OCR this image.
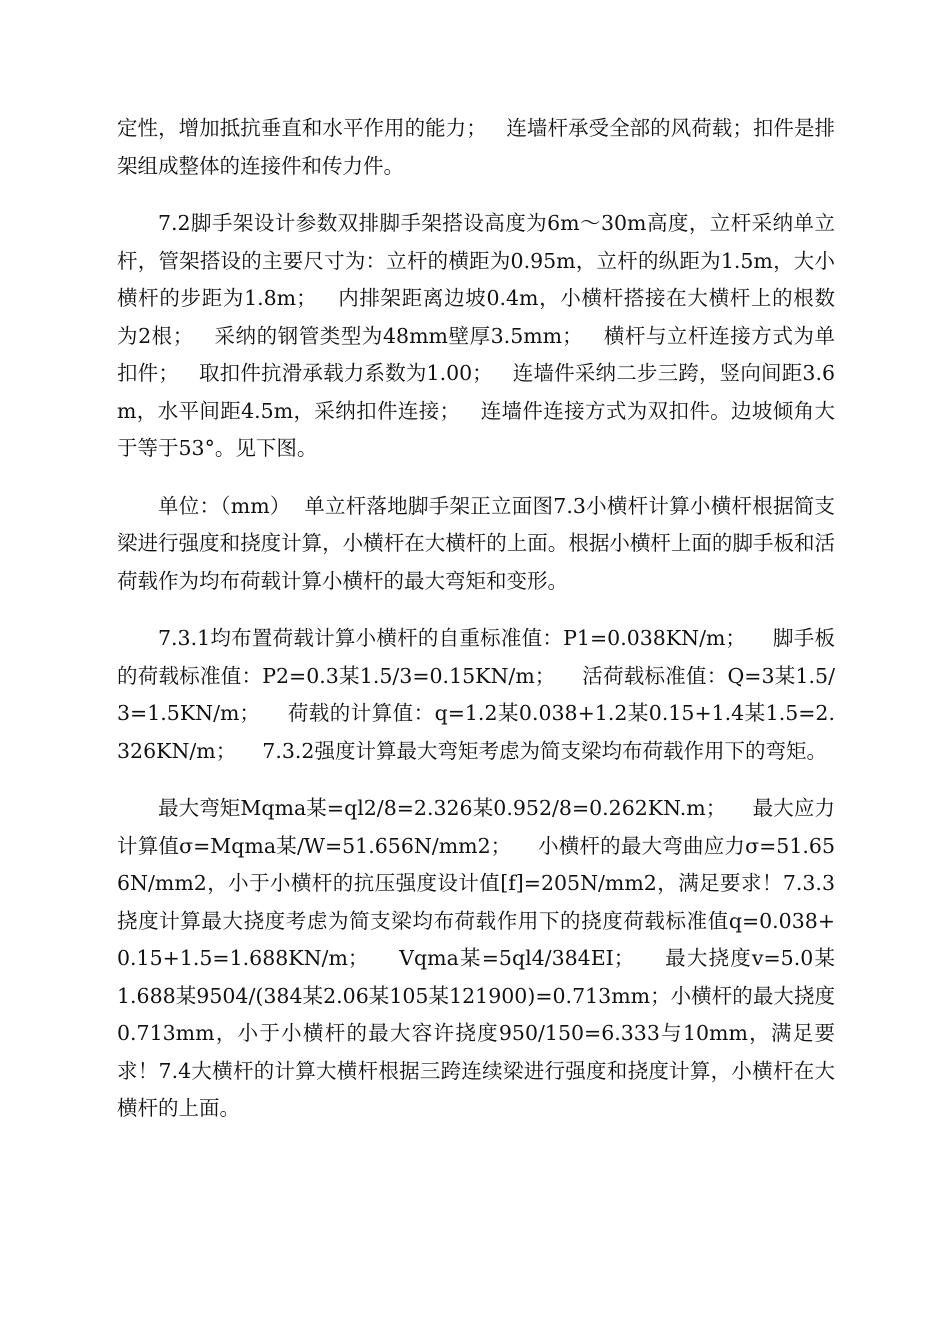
定性，增加抵抗垂直和水平作用的能力；   连墙杆承受全部的风荷载；扣件是排架组成整体的连接件和传力件。

7.2脚手架设计参数双排脚手架搭设高度为6m～30m高度，立杆采纳单立杆，管架搭设的主要尺寸为：立杆的横距为0.95m，立杆的纵距为1.5m，大小横杆的步距为1.8m；   内排架距离边坡0.4m，小横杆搭接在大横杆上的根数为2根；   采纳的钢管类型为48mm壁厚3.5mm；   横杆与立杆连接方式为单扣件；   取扣件抗滑承载力系数为1.00；   连墙件采纳二步三跨，竖向间距3.6m，水平间距4.5m，采纳扣件连接；   连墙件连接方式为双扣件。边坡倾角大于等于53°。见下图。

单位：（mm）  单立杆落地脚手架正立面图7.3小横杆计算小横杆根据简支梁进行强度和挠度计算，小横杆在大横杆的上面。根据小横杆上面的脚手板和活荷载作为均布荷载计算小横杆的最大弯矩和变形。

7.3.1均布置荷载计算小横杆的自重标准值：P1=0.038KN/m；    脚手板的荷载标准值：P2=0.3某1.5/3=0.15KN/m；    活荷载标准值：Q=3某1.5/3=1.5KN/m；    荷载的计算值：q=1.2某0.038+1.2某0.15+1.4某1.5=2.326KN/m；    7.3.2强度计算最大弯矩考虑为简支梁均布荷载作用下的弯矩。

最大弯矩Mqma某=ql2/8=2.326某0.952/8=0.262KN.m；    最大应力计算值σ=Mqma某/W=51.656N/mm2；    小横杆的最大弯曲应力σ=51.656N/mm2，小于小横杆的抗压强度设计值[f]=205N/mm2，满足要求！7.3.3挠度计算最大挠度考虑为简支梁均布荷载作用下的挠度荷载标准值q=0.038+0.15+1.5=1.688KN/m；    Vqma某=5ql4/384EI；    最大挠度v=5.0某1.688某9504/(384某2.06某105某121900)=0.713mm；小横杆的最大挠度0.713mm，小于小横杆的最大容许挠度950/150=6.333与10mm，满足要求！7.4大横杆的计算大横杆根据三跨连续梁进行强度和挠度计算，小横杆在大横杆的上面。
